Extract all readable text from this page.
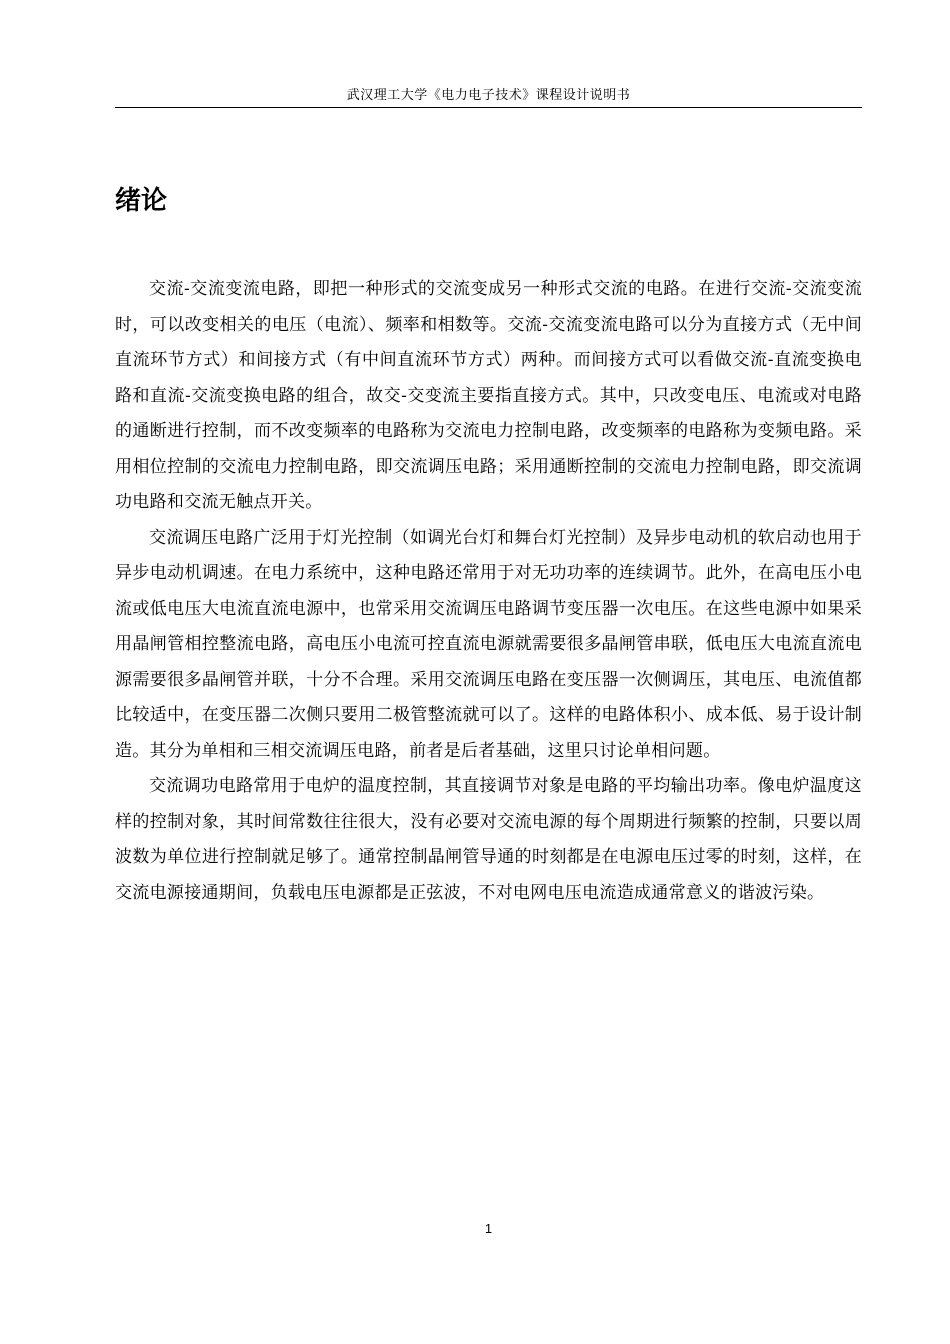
武汉理工大学《电力电子技术》课程设计说明书
绪论

交流-交流变流电路，即把一种形式的交流变成另一种形式交流的电路。在进行交流-交流变流时，可以改变相关的电压（电流）、频率和相数等。交流-交流变流电路可以分为直接方式（无中间直流环节方式）和间接方式（有中间直流环节方式）两种。而间接方式可以看做交流-直流变换电路和直流-交流变换电路的组合，故交-交变流主要指直接方式。其中，只改变电压、电流或对电路的通断进行控制，而不改变频率的电路称为交流电力控制电路，改变频率的电路称为变频电路。采用相位控制的交流电力控制电路，即交流调压电路；采用通断控制的交流电力控制电路，即交流调功电路和交流无触点开关。

交流调压电路广泛用于灯光控制（如调光台灯和舞台灯光控制）及异步电动机的软启动也用于异步电动机调速。在电力系统中，这种电路还常用于对无功功率的连续调节。此外，在高电压小电流或低电压大电流直流电源中，也常采用交流调压电路调节变压器一次电压。在这些电源中如果采用晶闸管相控整流电路，高电压小电流可控直流电源就需要很多晶闸管串联，低电压大电流直流电源需要很多晶闸管并联，十分不合理。采用交流调压电路在变压器一次侧调压，其电压、电流值都比较适中，在变压器二次侧只要用二极管整流就可以了。这样的电路体积小、成本低、易于设计制造。其分为单相和三相交流调压电路，前者是后者基础，这里只讨论单相问题。

交流调功电路常用于电炉的温度控制，其直接调节对象是电路的平均输出功率。像电炉温度这样的控制对象，其时间常数往往很大，没有必要对交流电源的每个周期进行频繁的控制，只要以周波数为单位进行控制就足够了。通常控制晶闸管导通的时刻都是在电源电压过零的时刻，这样，在交流电源接通期间，负载电压电源都是正弦波，不对电网电压电流造成通常意义的谐波污染。

1
